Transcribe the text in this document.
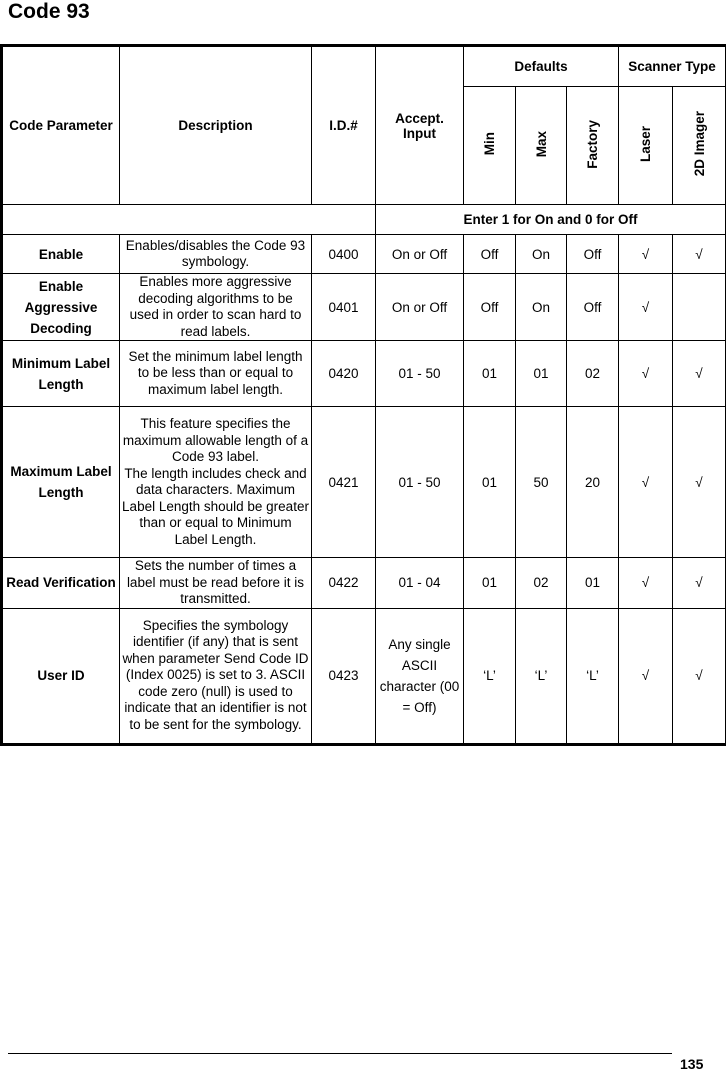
Code 93
Code Parameter	Description	I.D.#	Accept. Input	Defaults			Scanner Type	
				Min	Max	Factory	Laser	2D Imager
			Enter 1 for On and 0 for Off					
Enable	Enables/disables the Code 93 symbology.	0400	On or Off	Off	On	Off	√	√
Enable Aggressive Decoding	Enables more aggressive decoding algorithms to be used in order to scan hard to read labels.	0401	On or Off	Off	On	Off	√	
Minimum Label Length	Set the minimum label length to be less than or equal to maximum label length.	0420	01 - 50	01	01	02	√	√
Maximum Label Length	This feature specifies the maximum allowable length of a Code 93 label.
The length includes check and data characters. Maximum Label Length should be greater than or equal to Minimum Label Length.	0421	01 - 50	01	50	20	√	√
Read Verification	Sets the number of times a label must be read before it is transmitted.	0422	01 - 04	01	02	01	√	√
User ID	Specifies the symbology identifier (if any) that is sent when parameter Send Code ID (Index 0025) is set to 3. ASCII code zero (null) is used to indicate that an identifier is not to be sent for the symbology.	0423	Any single ASCII character (00 = Off)	‘L’	‘L’	‘L’	√	√
135
